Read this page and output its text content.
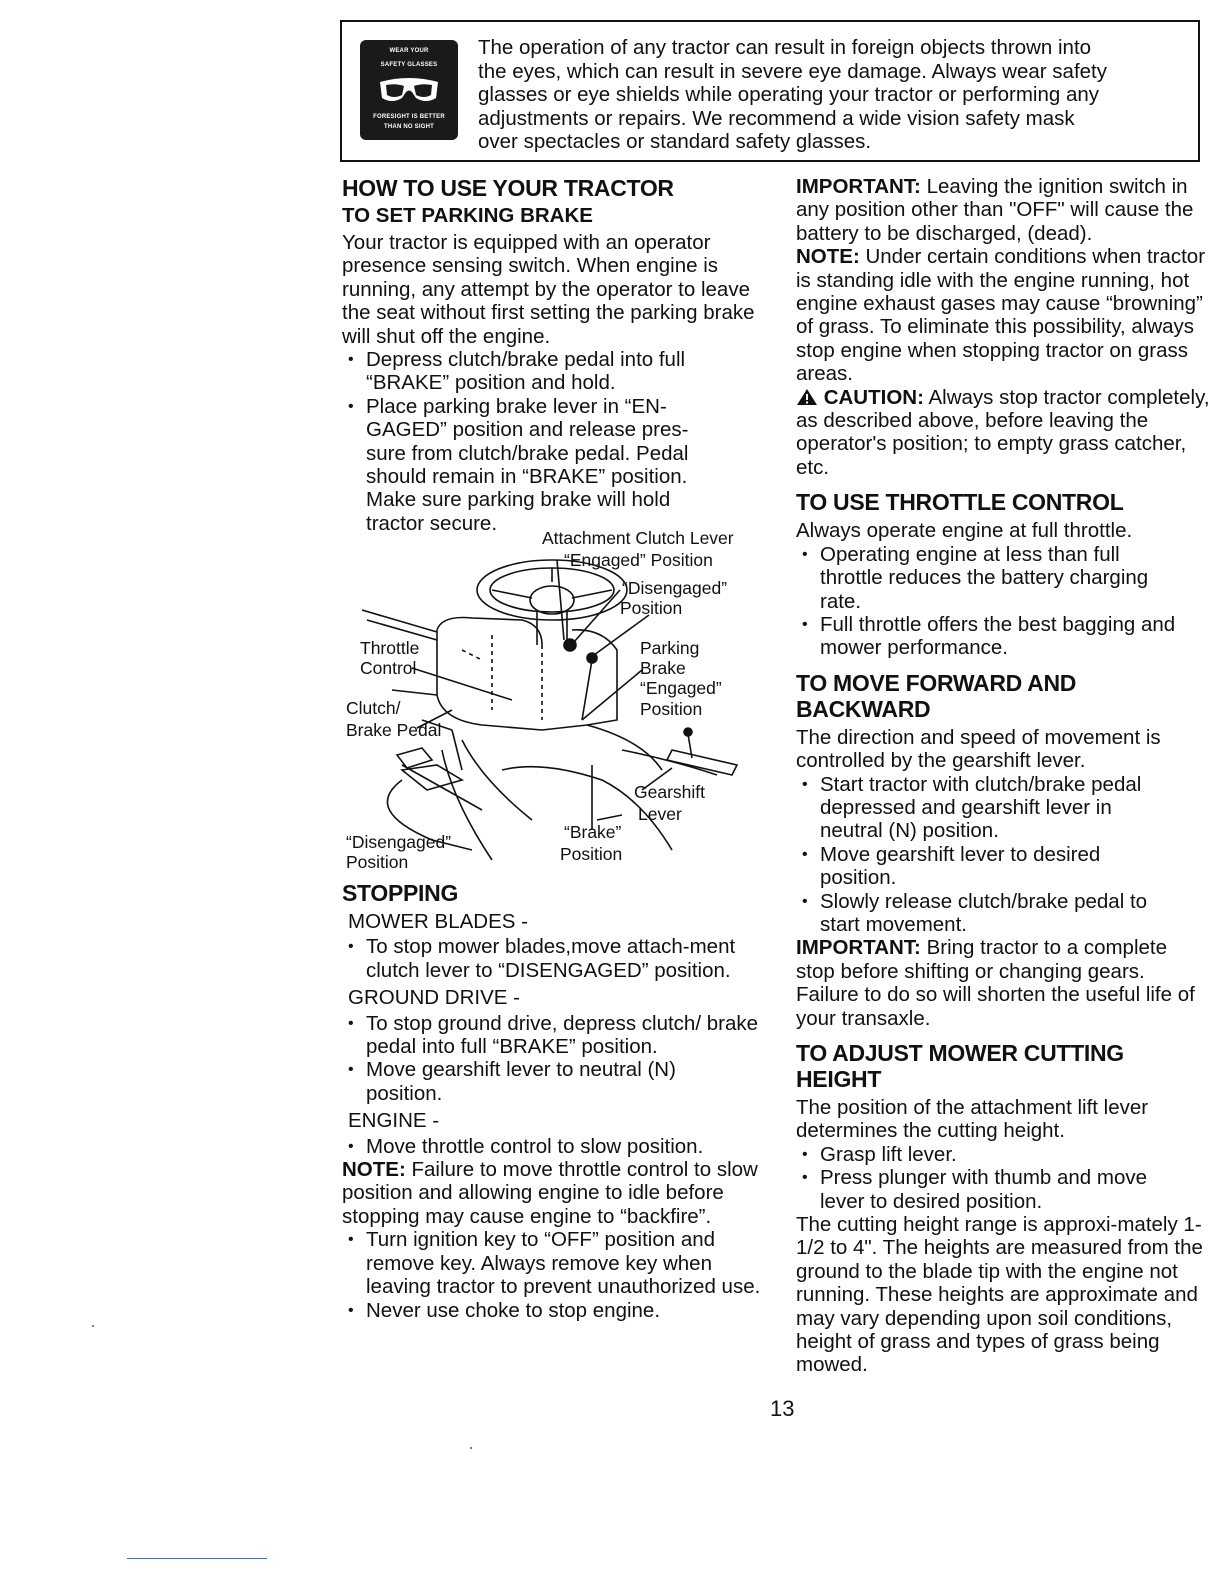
WEAR YOUR
SAFETY GLASSES
FORESIGHT IS BETTER
THAN NO SIGHT
The operation of any tractor can result in foreign objects thrown into
the eyes, which can result in severe eye damage. Always wear safety
glasses or eye shields while operating your tractor or performing any
adjustments or repairs. We recommend a wide vision safety mask
over spectacles or standard safety glasses.
HOW TO USE YOUR TRACTOR
TO SET PARKING BRAKE

Your tractor is equipped with an operator presence sensing switch. When engine is running, any attempt by the operator to leave the seat without first setting the parking brake will shut off the engine.

• Depress clutch/brake pedal into full “BRAKE” position and hold.
• Place parking brake lever in “EN-GAGED” position and release pres-sure from clutch/brake pedal. Pedal should remain in “BRAKE” position. Make sure parking brake will hold tractor secure.
Attachment Clutch Lever
“Engaged” Position
“Disengaged”
Position
Throttle
Control
Parking
Brake
“Engaged”
Position
Clutch/
Brake Pedal
Gearshift
Lever
“Brake”
Position
“Disengaged”
Position
STOPPING
MOWER BLADES -
• To stop mower blades,move attach-ment clutch lever to “DISENGAGED” position.
GROUND DRIVE -
• To stop ground drive, depress clutch/ brake pedal into full “BRAKE” position.
• Move gearshift lever to neutral (N) position.
ENGINE -
• Move throttle control to slow position.

NOTE: Failure to move throttle control to slow position and allowing engine to idle before stopping may cause engine to “backfire”.

• Turn ignition key to “OFF” position and remove key. Always remove key when leaving tractor to prevent unauthorized use.
• Never use choke to stop engine.

IMPORTANT: Leaving the ignition switch in any position other than "OFF" will cause the battery to be discharged, (dead).

NOTE: Under certain conditions when tractor is standing idle with the engine running, hot engine exhaust gases may cause “browning” of grass. To eliminate this possibility, always stop engine when stopping tractor on grass areas.

CAUTION: Always stop tractor completely, as described above, before leaving the operator's position; to empty grass catcher, etc.

TO USE THROTTLE CONTROL

Always operate engine at full throttle.

• Operating engine at less than full throttle reduces the battery charging rate.
• Full throttle offers the best bagging and mower performance.
TO MOVE FORWARD AND BACKWARD

The direction and speed of movement is controlled by the gearshift lever.

• Start tractor with clutch/brake pedal depressed and gearshift lever in neutral (N) position.
• Move gearshift lever to desired position.
• Slowly release clutch/brake pedal to start movement.

IMPORTANT: Bring tractor to a complete stop before shifting or changing gears. Failure to do so will shorten the useful life of your transaxle.

TO ADJUST MOWER CUTTING HEIGHT

The position of the attachment lift lever determines the cutting height.

• Grasp lift lever.
• Press plunger with thumb and move lever to desired position.

The cutting height range is approxi-mately 1-1/2 to 4". The heights are measured from the ground to the blade tip with the engine not running. These heights are approximate and may vary depending upon soil conditions, height of grass and types of grass being mowed.

13
